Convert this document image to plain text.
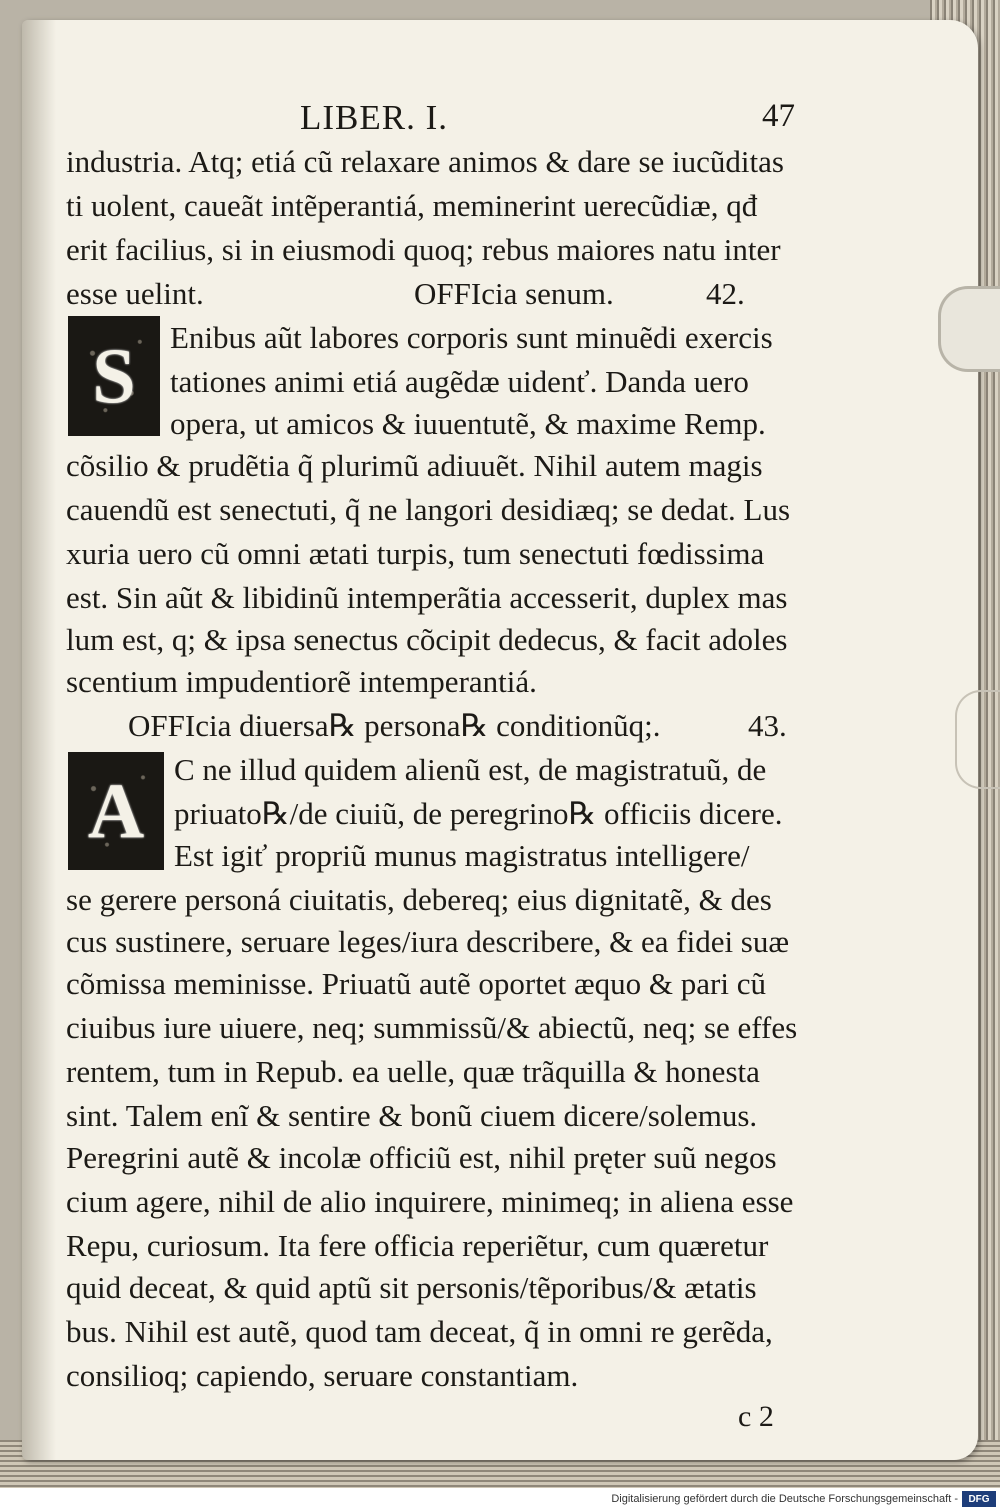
LIBER. I.	47
industria. Atq; etiá cũ relaxare animos & dare se iucũditas
ti uolent, caueãt intẽperantiá, meminerint uerecũdiæ, qđ
erit facilius, si in eiusmodi quoq; rebus maiores natu inter
esse uelint.	OFFIcia senum.	42.
S Enibus aũt labores corporis sunt minuẽdi exercis
tationes animi etiá augẽdæ uidenť. Danda uero
opera, ut amicos & iuuentutẽ, & maxime Remp.
cõsilio & prudẽtia q̃ plurimũ adiuuẽt. Nihil autem magis
cauendũ est senectuti, q̃ ne langori desidiæq; se dedat. Lus
xuria uero cũ omni ætati turpis, tum senectuti fœdissima
est. Sin aũt & libidinũ intemperãtia accesserit, duplex mas
lum est, q; & ipsa senectus cõcipit dedecus, & facit adoles
scentium impudentiorẽ intemperantiá.
OFFIcia diuersa℞ persona℞ conditionũq;.	43.
A C ne illud quidem alienũ est, de magistratuũ, de
priuato℞/de ciuiũ, de peregrino℞ officiis dicere.
Est igiť propriũ munus magistratus intelligere/
se gerere personá ciuitatis, debereq; eius dignitatẽ, & des
cus sustinere, seruare leges/iura describere, & ea fidei suæ
cõmissa meminisse. Priuatũ autẽ oportet æquo & pari cũ
ciuibus iure uiuere, neq; summissũ/& abiectũ, neq; se effes
rentem, tum in Repub. ea uelle, quæ trãquilla & honesta
sint. Talem enĩ & sentire & bonũ ciuem dicere/solemus.
Peregrini autẽ & incolæ officiũ est, nihil pręter suũ negos
cium agere, nihil de alio inquirere, minimeq; in aliena esse
Repu, curiosum. Ita fere officia reperiẽtur, cum quæretur
quid deceat, & quid aptũ sit personis/tẽporibus/& ætatis
bus. Nihil est autẽ, quod tam deceat, q̃ in omni re gerẽda,
consilioq; capiendo, seruare constantiam.
c 2
Digitalisierung gefördert durch die Deutsche Forschungsgemeinschaft -	DFG
